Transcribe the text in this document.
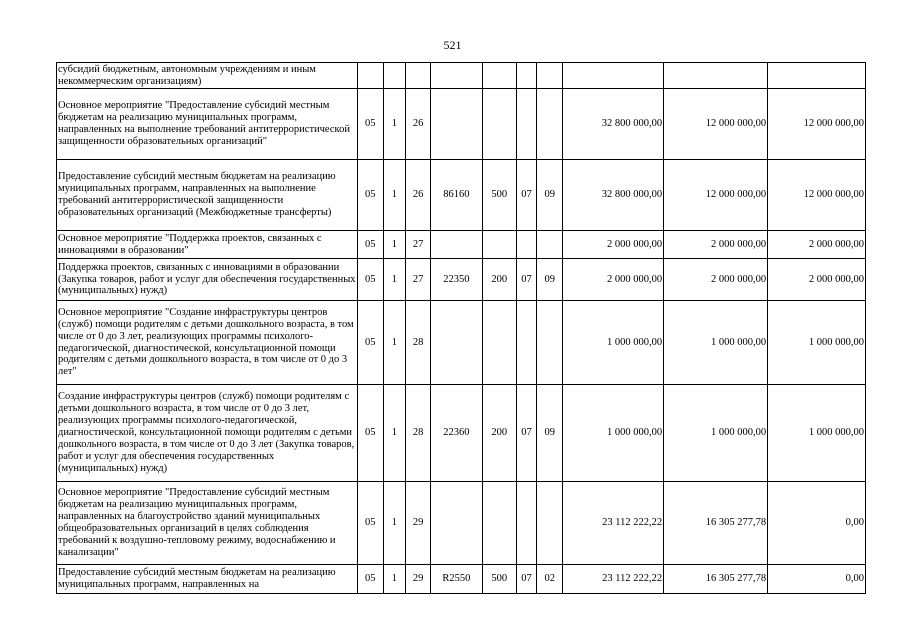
521
субсидий бюджетным, автономным учреждениям и иным некоммерческим организациям)										
Основное мероприятие "Предоставление субсидий местным бюджетам на реализацию муниципальных программ, направленных на выполнение требований антитеррористической защищенности образовательных организаций"	05	1	26					32 800 000,00	12 000 000,00	12 000 000,00
Предоставление субсидий местным бюджетам на реализацию муниципальных программ, направленных на выполнение требований антитеррористической защищенности образовательных организаций (Межбюджетные трансферты)	05	1	26	86160	500	07	09	32 800 000,00	12 000 000,00	12 000 000,00
Основное мероприятие "Поддержка проектов, связанных с инновациями в образовании"	05	1	27					2 000 000,00	2 000 000,00	2 000 000,00
Поддержка проектов, связанных с инновациями в образовании (Закупка товаров, работ и услуг для обеспечения государственных (муниципальных) нужд)	05	1	27	22350	200	07	09	2 000 000,00	2 000 000,00	2 000 000,00
Основное мероприятие "Создание инфраструктуры центров (служб) помощи родителям с детьми дошкольного возраста, в том числе от 0 до 3 лет, реализующих программы психолого-педагогической, диагностической, консультационной помощи родителям с детьми дошкольного возраста, в том числе от 0 до 3 лет"	05	1	28					1 000 000,00	1 000 000,00	1 000 000,00
Создание инфраструктуры центров (служб) помощи родителям с детьми дошкольного возраста, в том числе от 0 до 3 лет, реализующих программы психолого-педагогической, диагностической, консультационной помощи родителям с детьми дошкольного возраста, в том числе от 0 до 3 лет (Закупка товаров, работ и услуг для обеспечения государственных (муниципальных) нужд)	05	1	28	22360	200	07	09	1 000 000,00	1 000 000,00	1 000 000,00
Основное мероприятие "Предоставление субсидий местным бюджетам на реализацию муниципальных программ, направленных на благоустройство зданий муниципальных общеобразовательных организаций в целях соблюдения требований к воздушно-тепловому режиму, водоснабжению и канализации"	05	1	29					23 112 222,22	16 305 277,78	0,00
Предоставление субсидий местным бюджетам на реализацию муниципальных программ, направленных на	05	1	29	R2550	500	07	02	23 112 222,22	16 305 277,78	0,00
